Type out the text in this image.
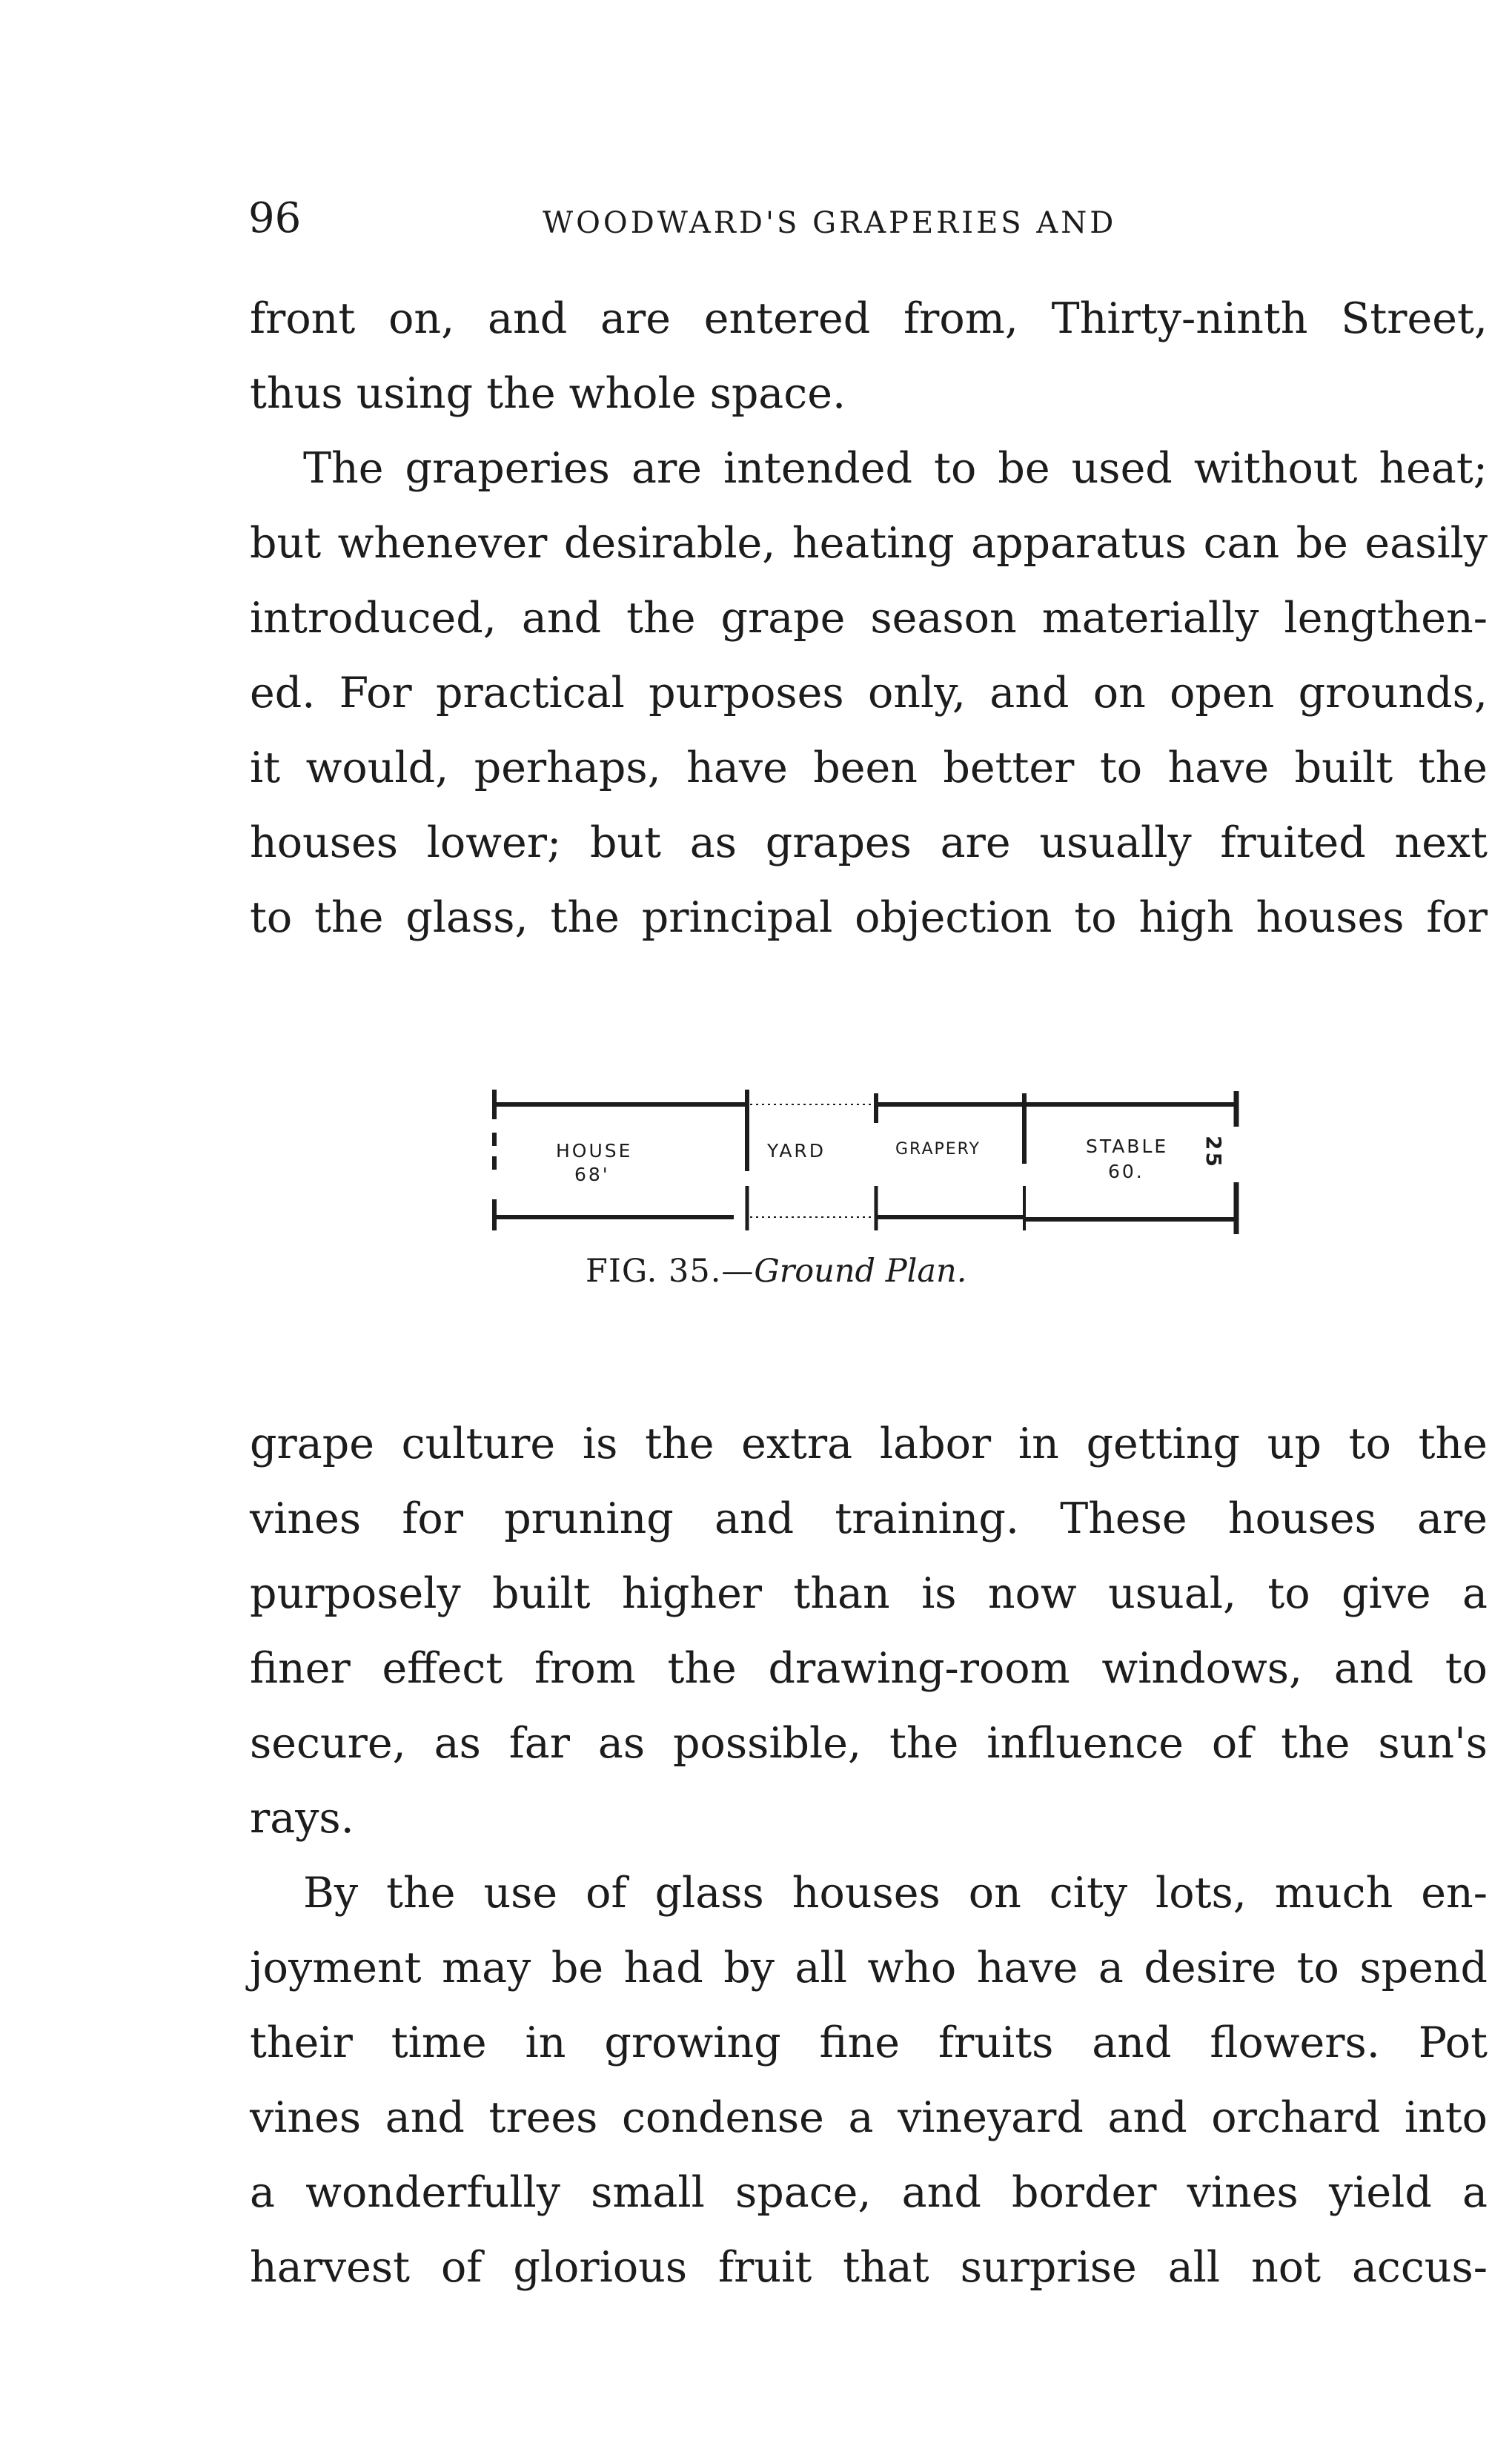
96	WOODWARD'S GRAPERIES AND
front on, and are entered from, Thirty-ninth Street,
thus using the whole space.
The graperies are intended to be used without heat;
but whenever desirable, heating apparatus can be easily
introduced, and the grape season materially lengthen-
ed. For practical purposes only, and on open grounds,
it would, perhaps, have been better to have built the
houses lower; but as grapes are usually fruited next
to the glass, the principal objection to high houses for
HOUSE
68'
YARD	GRAPERY	STABLE
60.
25
FIG. 35.—Ground Plan.
grape culture is the extra labor in getting up to the
vines for pruning and training. These houses are
purposely built higher than is now usual, to give a
finer effect from the drawing-room windows, and to
secure, as far as possible, the influence of the sun's
rays.
By the use of glass houses on city lots, much en-
joyment may be had by all who have a desire to spend
their time in growing fine fruits and flowers. Pot
vines and trees condense a vineyard and orchard into
a wonderfully small space, and border vines yield a
harvest of glorious fruit that surprise all not accus-
